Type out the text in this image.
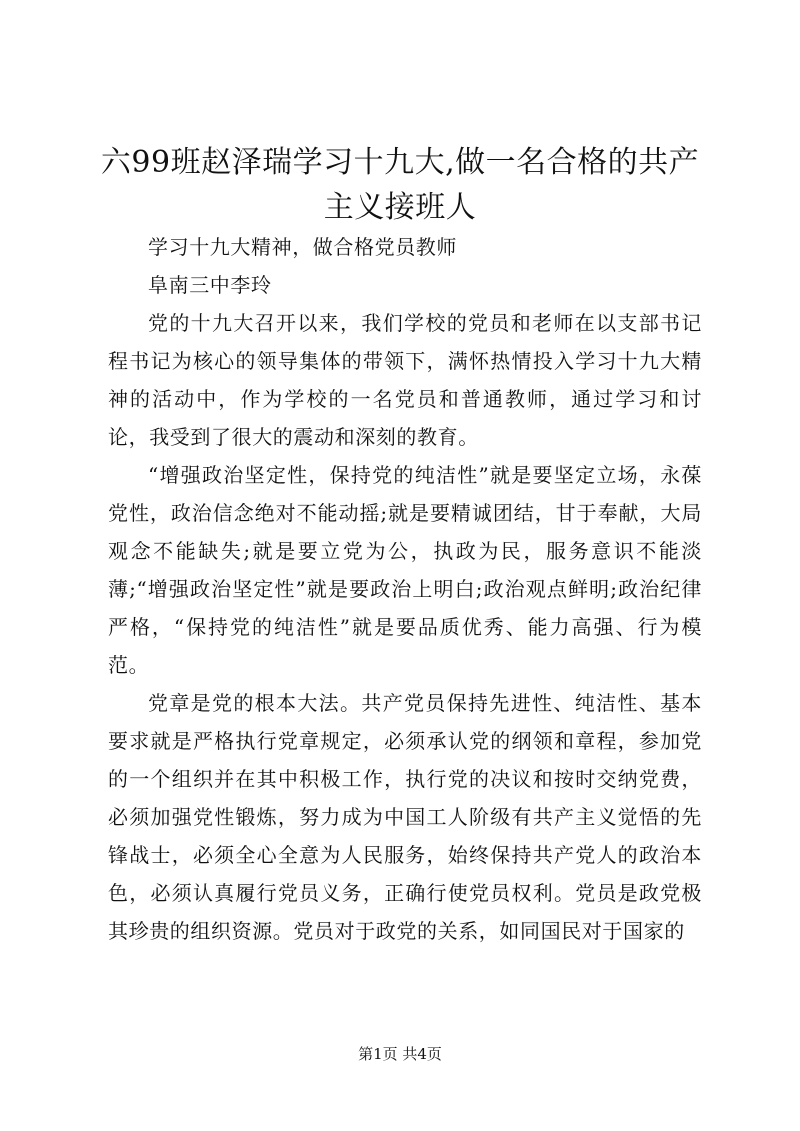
六99班赵泽瑞学习十九大,做一名合格的共产
主义接班人

学习十九大精神，做合格党员教师

阜南三中李玲

党的十九大召开以来，我们学校的党员和老师在以支部书记程书记为核心的领导集体的带领下，满怀热情投入学习十九大精神的活动中，作为学校的一名党员和普通教师，通过学习和讨论，我受到了很大的震动和深刻的教育。

“增强政治坚定性，保持党的纯洁性”就是要坚定立场，永葆党性，政治信念绝对不能动摇;就是要精诚团结，甘于奉献，大局观念不能缺失;就是要立党为公，执政为民，服务意识不能淡薄;“增强政治坚定性”就是要政治上明白;政治观点鲜明;政治纪律严格，“保持党的纯洁性”就是要品质优秀、能力高强、行为模范。

党章是党的根本大法。共产党员保持先进性、纯洁性、基本要求就是严格执行党章规定，必须承认党的纲领和章程，参加党的一个组织并在其中积极工作，执行党的决议和按时交纳党费，必须加强党性锻炼，努力成为中国工人阶级有共产主义觉悟的先锋战士，必须全心全意为人民服务，始终保持共产党人的政治本色，必须认真履行党员义务，正确行使党员权利。党员是政党极其珍贵的组织资源。党员对于政党的关系，如同国民对于国家的

第1页 共4页
